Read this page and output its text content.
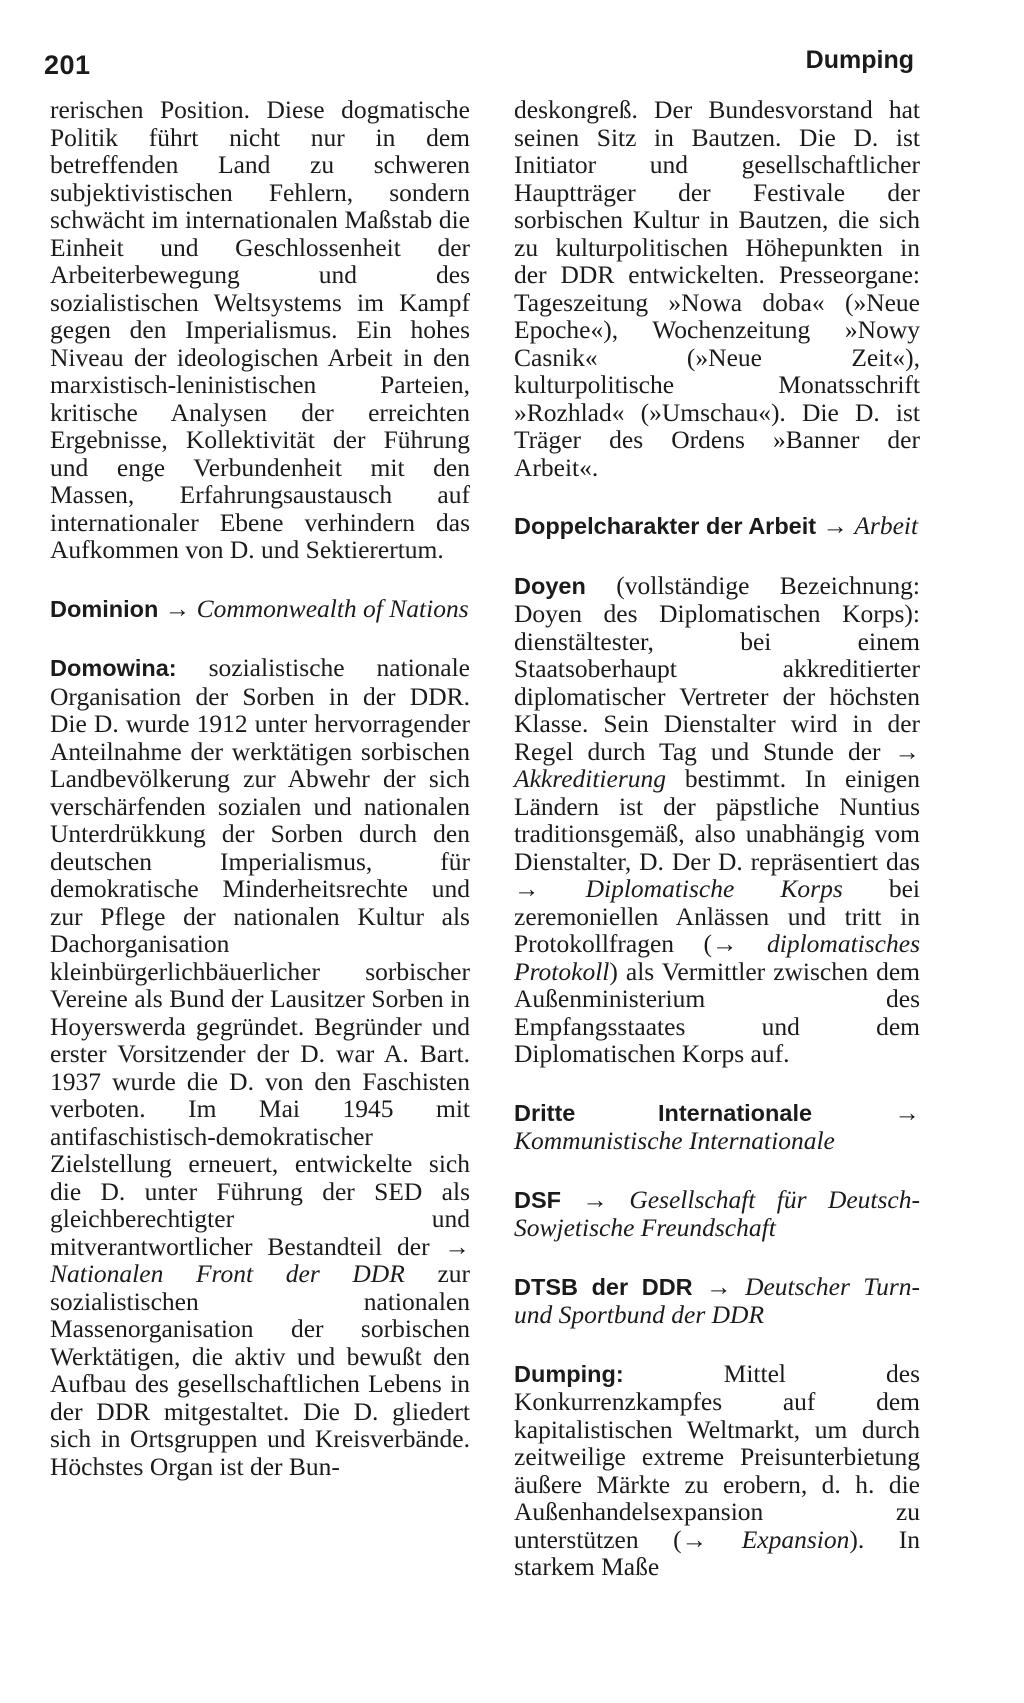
201	Dumping

rerischen Position. Diese dogmatische Politik führt nicht nur in dem betreffenden Land zu schweren subjektivistischen Fehlern, sondern schwächt im internationalen Maßstab die Einheit und Geschlossenheit der Arbeiterbewegung und des sozialistischen Weltsystems im Kampf gegen den Imperialismus. Ein hohes Niveau der ideologischen Arbeit in den marxistisch-leninistischen Parteien, kritische Analysen der erreichten Ergebnisse, Kollektivität der Führung und enge Verbundenheit mit den Massen, Erfahrungsaustausch auf internationaler Ebene verhindern das Aufkommen von D. und Sektierertum.

Dominion → Commonwealth of Nations

Domowina: sozialistische nationale Organisation der Sorben in der DDR. Die D. wurde 1912 unter hervorragender Anteilnahme der werktätigen sorbischen Landbevölkerung zur Abwehr der sich verschärfenden sozialen und nationalen Unterdrükkung der Sorben durch den deutschen Imperialismus, für demokratische Minderheitsrechte und zur Pflege der nationalen Kultur als Dachorganisation kleinbürgerlichbäuerlicher sorbischer Vereine als Bund der Lausitzer Sorben in Hoyerswerda gegründet. Begründer und erster Vorsitzender der D. war A. Bart. 1937 wurde die D. von den Faschisten verboten. Im Mai 1945 mit antifaschistisch-demokratischer Zielstellung erneuert, entwickelte sich die D. unter Führung der SED als gleichberechtigter und mitverantwortlicher Bestandteil der → Nationalen Front der DDR zur sozialistischen nationalen Massenorganisation der sorbischen Werktätigen, die aktiv und bewußt den Aufbau des gesellschaftlichen Lebens in der DDR mitgestaltet. Die D. gliedert sich in Ortsgruppen und Kreisverbände. Höchstes Organ ist der Bun-

deskongreß. Der Bundesvorstand hat seinen Sitz in Bautzen. Die D. ist Initiator und gesellschaftlicher Hauptträger der Festivale der sorbischen Kultur in Bautzen, die sich zu kulturpolitischen Höhepunkten in der DDR entwickelten. Presseorgane: Tageszeitung »Nowa doba« (»Neue Epoche«), Wochenzeitung »Nowy Casnik« (»Neue Zeit«), kulturpolitische Monatsschrift »Rozhlad« (»Umschau«). Die D. ist Träger des Ordens »Banner der Arbeit«.

Doppelcharakter der Arbeit → Arbeit

Doyen (vollständige Bezeichnung: Doyen des Diplomatischen Korps): dienstältester, bei einem Staatsoberhaupt akkreditierter diplomatischer Vertreter der höchsten Klasse. Sein Dienstalter wird in der Regel durch Tag und Stunde der → Akkreditierung bestimmt. In einigen Ländern ist der päpstliche Nuntius traditionsgemäß, also unabhängig vom Dienstalter, D. Der D. repräsentiert das → Diplomatische Korps bei zeremoniellen Anlässen und tritt in Protokollfragen (→ diplomatisches Protokoll) als Vermittler zwischen dem Außenministerium des Empfangsstaates und dem Diplomatischen Korps auf.

Dritte Internationale	→ Kommunistische Internationale

DSF → Gesellschaft für Deutsch-Sowjetische Freundschaft

DTSB der DDR → Deutscher Turn- und Sportbund der DDR

Dumping:	Mittel des Konkurrenzkampfes auf dem kapitalistischen Weltmarkt, um durch zeitweilige extreme Preisunterbietung äußere Märkte zu erobern, d. h. die Außenhandelsexpansion zu unterstützen (→ Expansion). In starkem Maße
